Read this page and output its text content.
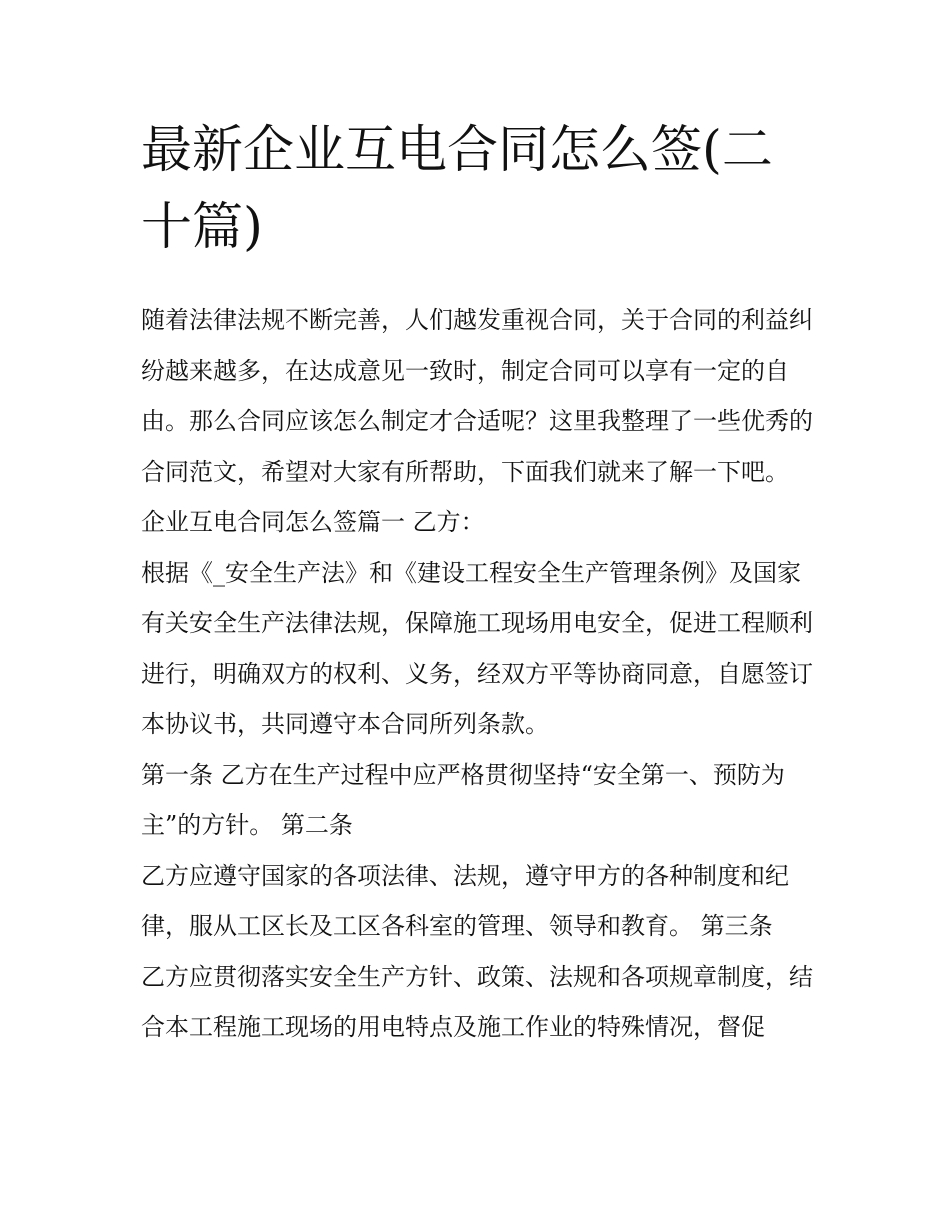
最新企业互电合同怎么签(二十篇)

随着法律法规不断完善，人们越发重视合同，关于合同的利益纠纷越来越多，在达成意见一致时，制定合同可以享有一定的自由。那么合同应该怎么制定才合适呢？这里我整理了一些优秀的合同范文，希望对大家有所帮助，下面我们就来了解一下吧。

企业互电合同怎么签篇一 乙方：

根据《_安全生产法》和《建设工程安全生产管理条例》及国家有关安全生产法律法规，保障施工现场用电安全，促进工程顺利进行，明确双方的权利、义务，经双方平等协商同意，自愿签订本协议书，共同遵守本合同所列条款。

第一条 乙方在生产过程中应严格贯彻坚持“安全第一、预防为主”的方针。 第二条

乙方应遵守国家的各项法律、法规，遵守甲方的各种制度和纪律，服从工区长及工区各科室的管理、领导和教育。 第三条

乙方应贯彻落实安全生产方针、政策、法规和各项规章制度，结合本工程施工现场的用电特点及施工作业的特殊情况，督促
